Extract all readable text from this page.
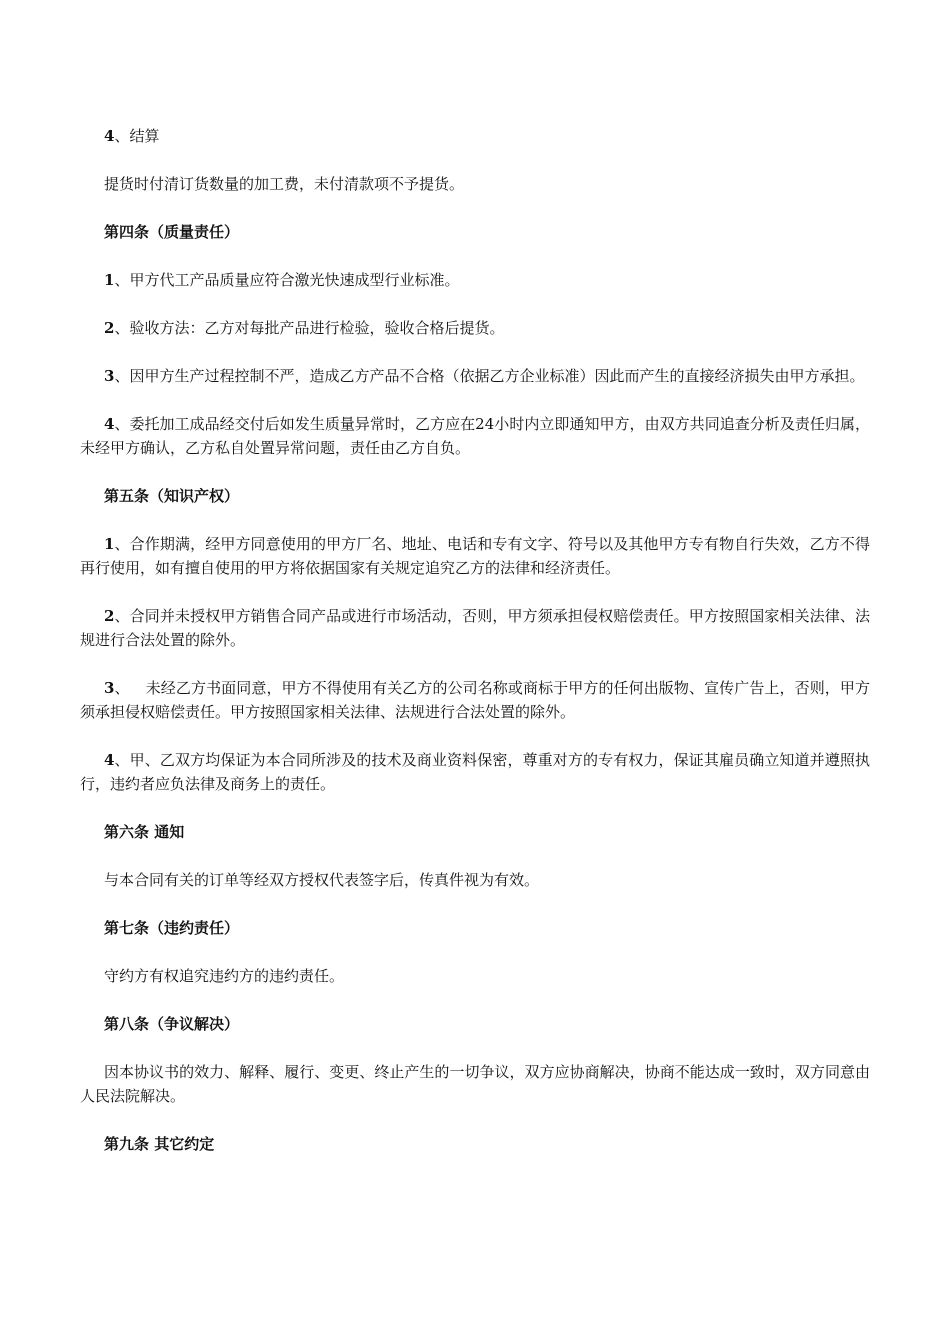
4、结算

提货时付清订货数量的加工费，未付清款项不予提货。

第四条（质量责任）

1、甲方代工产品质量应符合激光快速成型行业标准。

2、验收方法：乙方对每批产品进行检验，验收合格后提货。

3、因甲方生产过程控制不严，造成乙方产品不合格（依据乙方企业标准）因此而产生的直接经济损失由甲方承担。

4、委托加工成品经交付后如发生质量异常时，乙方应在24小时内立即通知甲方，由双方共同追查分析及责任归属，未经甲方确认，乙方私自处置异常问题，责任由乙方自负。

第五条（知识产权）

1、合作期满，经甲方同意使用的甲方厂名、地址、电话和专有文字、符号以及其他甲方专有物自行失效，乙方不得再行使用，如有擅自使用的甲方将依据国家有关规定追究乙方的法律和经济责任。

2、合同并未授权甲方销售合同产品或进行市场活动，否则，甲方须承担侵权赔偿责任。甲方按照国家相关法律、法规进行合法处置的除外。

3、 未经乙方书面同意，甲方不得使用有关乙方的公司名称或商标于甲方的任何出版物、宣传广告上，否则，甲方须承担侵权赔偿责任。甲方按照国家相关法律、法规进行合法处置的除外。

4、甲、乙双方均保证为本合同所涉及的技术及商业资料保密，尊重对方的专有权力，保证其雇员确立知道并遵照执行，违约者应负法律及商务上的责任。

第六条 通知

与本合同有关的订单等经双方授权代表签字后，传真件视为有效。

第七条（违约责任）

守约方有权追究违约方的违约责任。

第八条（争议解决）

因本协议书的效力、解释、履行、变更、终止产生的一切争议，双方应协商解决，协商不能达成一致时，双方同意由人民法院解决。

第九条 其它约定
